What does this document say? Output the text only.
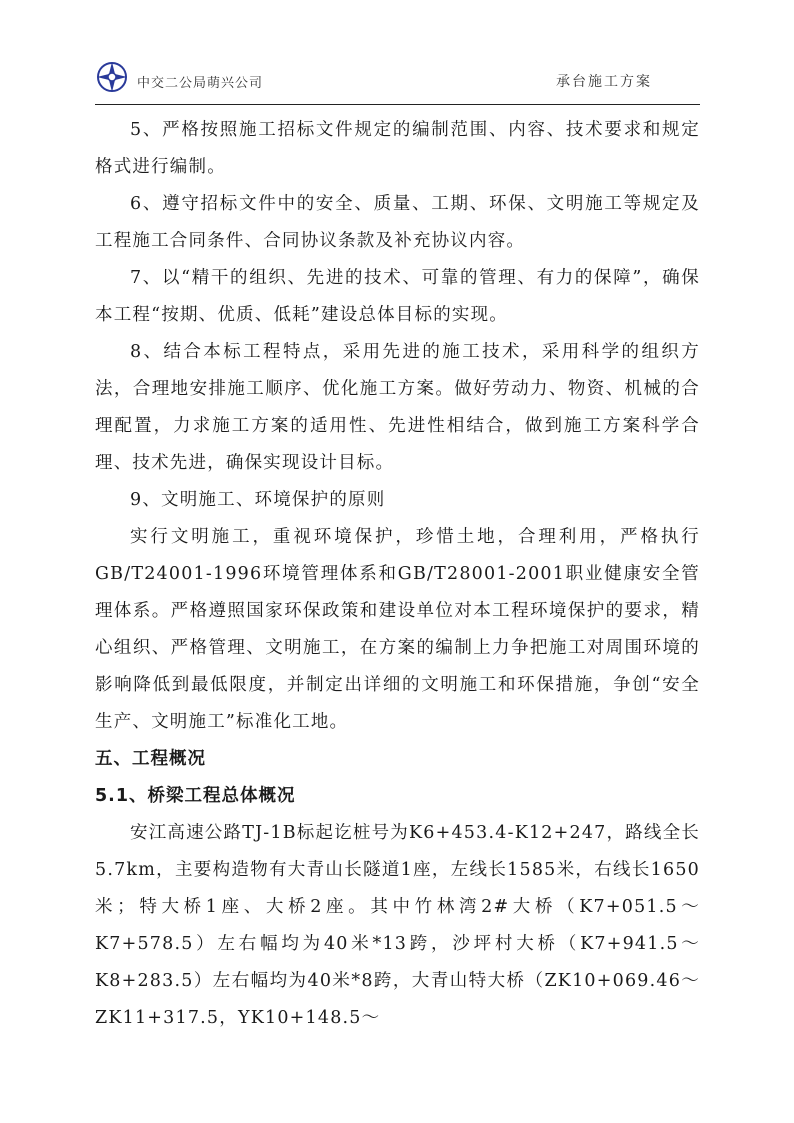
中交二公局萌兴公司	承台施工方案

5、严格按照施工招标文件规定的编制范围、内容、技术要求和规定格式进行编制。

6、遵守招标文件中的安全、质量、工期、环保、文明施工等规定及工程施工合同条件、合同协议条款及补充协议内容。

7、以“精干的组织、先进的技术、可靠的管理、有力的保障”，确保本工程“按期、优质、低耗”建设总体目标的实现。

8、结合本标工程特点，采用先进的施工技术，采用科学的组织方法，合理地安排施工顺序、优化施工方案。做好劳动力、物资、机械的合理配置，力求施工方案的适用性、先进性相结合，做到施工方案科学合理、技术先进，确保实现设计目标。

9、文明施工、环境保护的原则

实行文明施工，重视环境保护，珍惜土地，合理利用，严格执行GB/T24001-1996环境管理体系和GB/T28001-2001职业健康安全管理体系。严格遵照国家环保政策和建设单位对本工程环境保护的要求，精心组织、严格管理、文明施工，在方案的编制上力争把施工对周围环境的影响降低到最低限度，并制定出详细的文明施工和环保措施，争创“安全生产、文明施工”标准化工地。

五、工程概况

5.1、桥梁工程总体概况

安江高速公路TJ-1B标起讫桩号为K6+453.4-K12+247，路线全长5.7km，主要构造物有大青山长隧道1座，左线长1585米，右线长1650米；特大桥1座、大桥2座。其中竹林湾2#大桥（K7+051.5～K7+578.5）左右幅均为40米*13跨，沙坪村大桥（K7+941.5～K8+283.5）左右幅均为40米*8跨，大青山特大桥（ZK10+069.46～ZK11+317.5，YK10+148.5～
